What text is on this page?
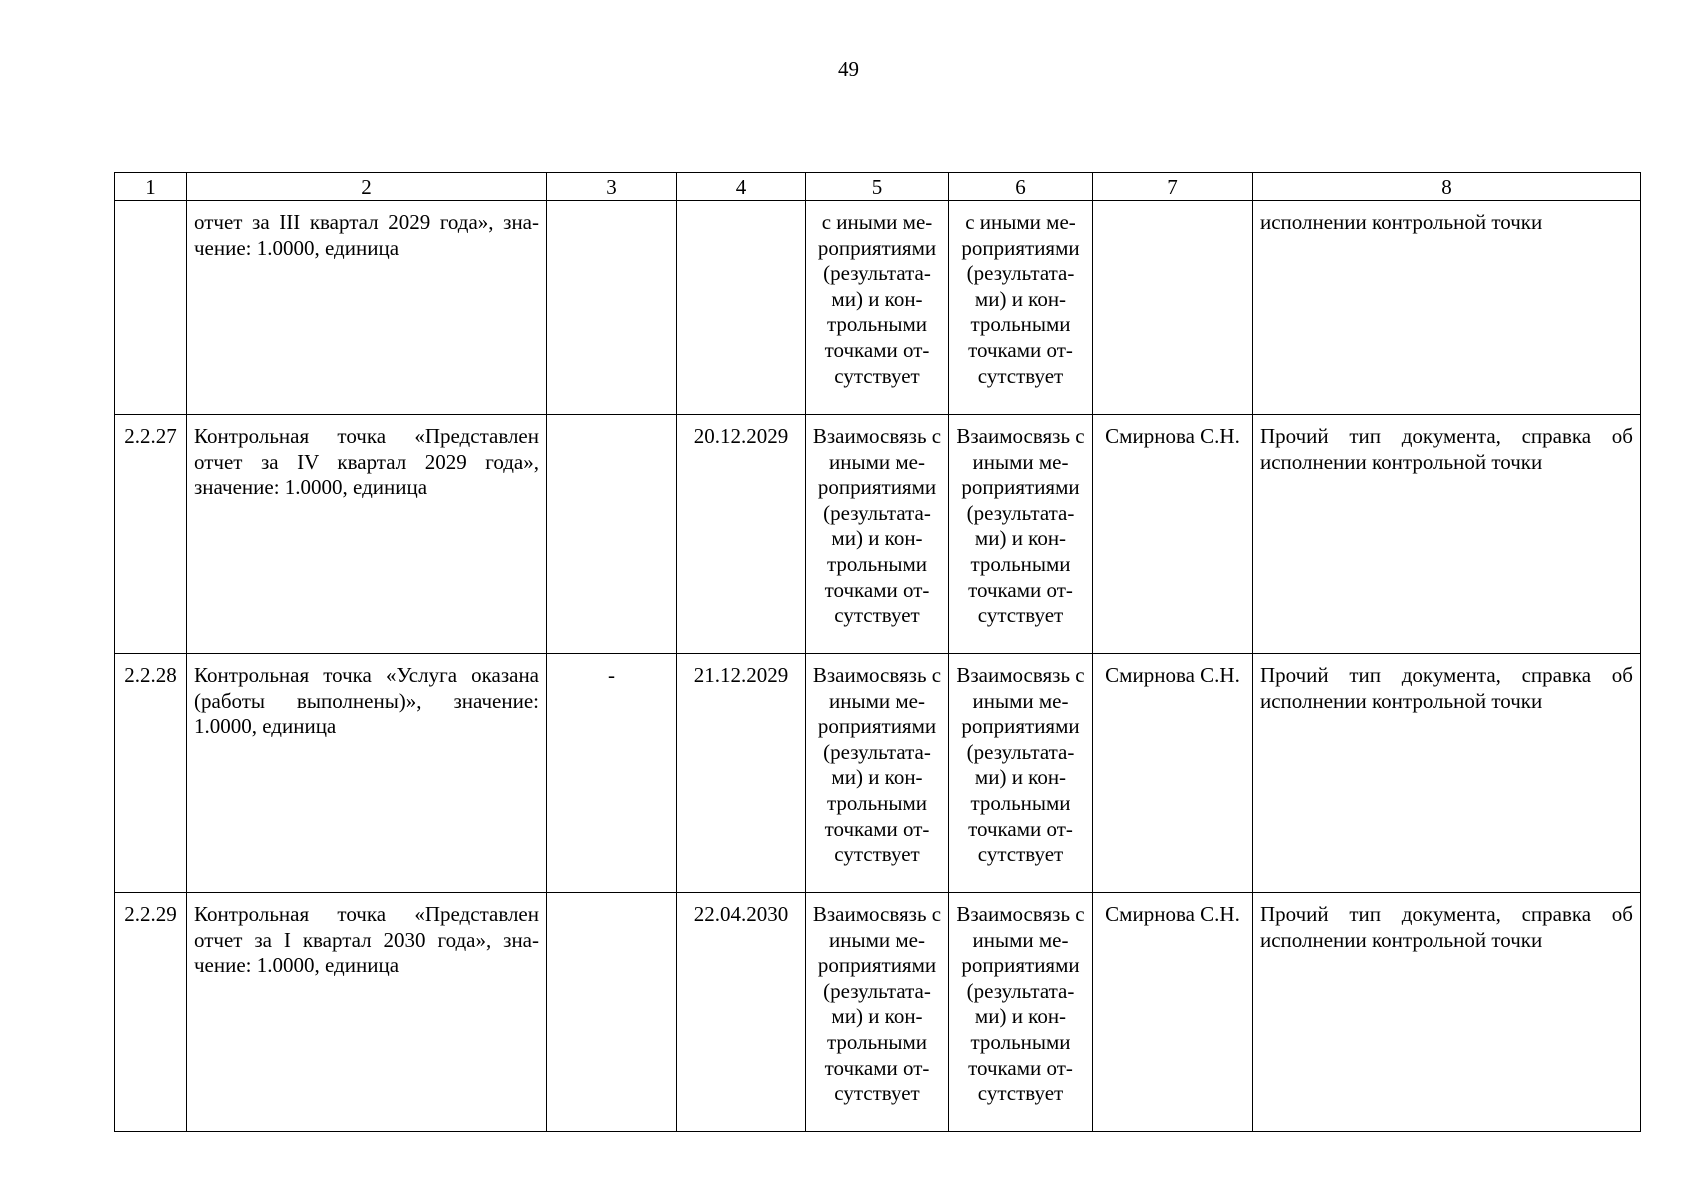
49
1	2	3	4	5	6	7	8
	отчет за III квартал 2029 года», зна-чение: 1.0000, единица			с иными ме-роприятиями (результата-ми) и кон-трольными точками от-сутствует	с иными ме-роприятиями (результата-ми) и кон-трольными точками от-сутствует		исполнении контрольной точки
2.2.27	Контрольная точка «Представлен отчет за IV квартал 2029 года», значение: 1.0000, единица		20.12.2029	Взаимосвязь с иными ме-роприятиями (результата-ми) и кон-трольными точками от-сутствует	Взаимосвязь с иными ме-роприятиями (результата-ми) и кон-трольными точками от-сутствует	Смирнова С.Н.	Прочий тип документа, справка об исполнении контрольной точки
2.2.28	Контрольная точка «Услуга оказана (работы выполнены)», значение: 1.0000, единица	-	21.12.2029	Взаимосвязь с иными ме-роприятиями (результата-ми) и кон-трольными точками от-сутствует	Взаимосвязь с иными ме-роприятиями (результата-ми) и кон-трольными точками от-сутствует	Смирнова С.Н.	Прочий тип документа, справка об исполнении контрольной точки
2.2.29	Контрольная точка «Представлен отчет за I квартал 2030 года», зна-чение: 1.0000, единица		22.04.2030	Взаимосвязь с иными ме-роприятиями (результата-ми) и кон-трольными точками от-сутствует	Взаимосвязь с иными ме-роприятиями (результата-ми) и кон-трольными точками от-сутствует	Смирнова С.Н.	Прочий тип документа, справка об исполнении контрольной точки
